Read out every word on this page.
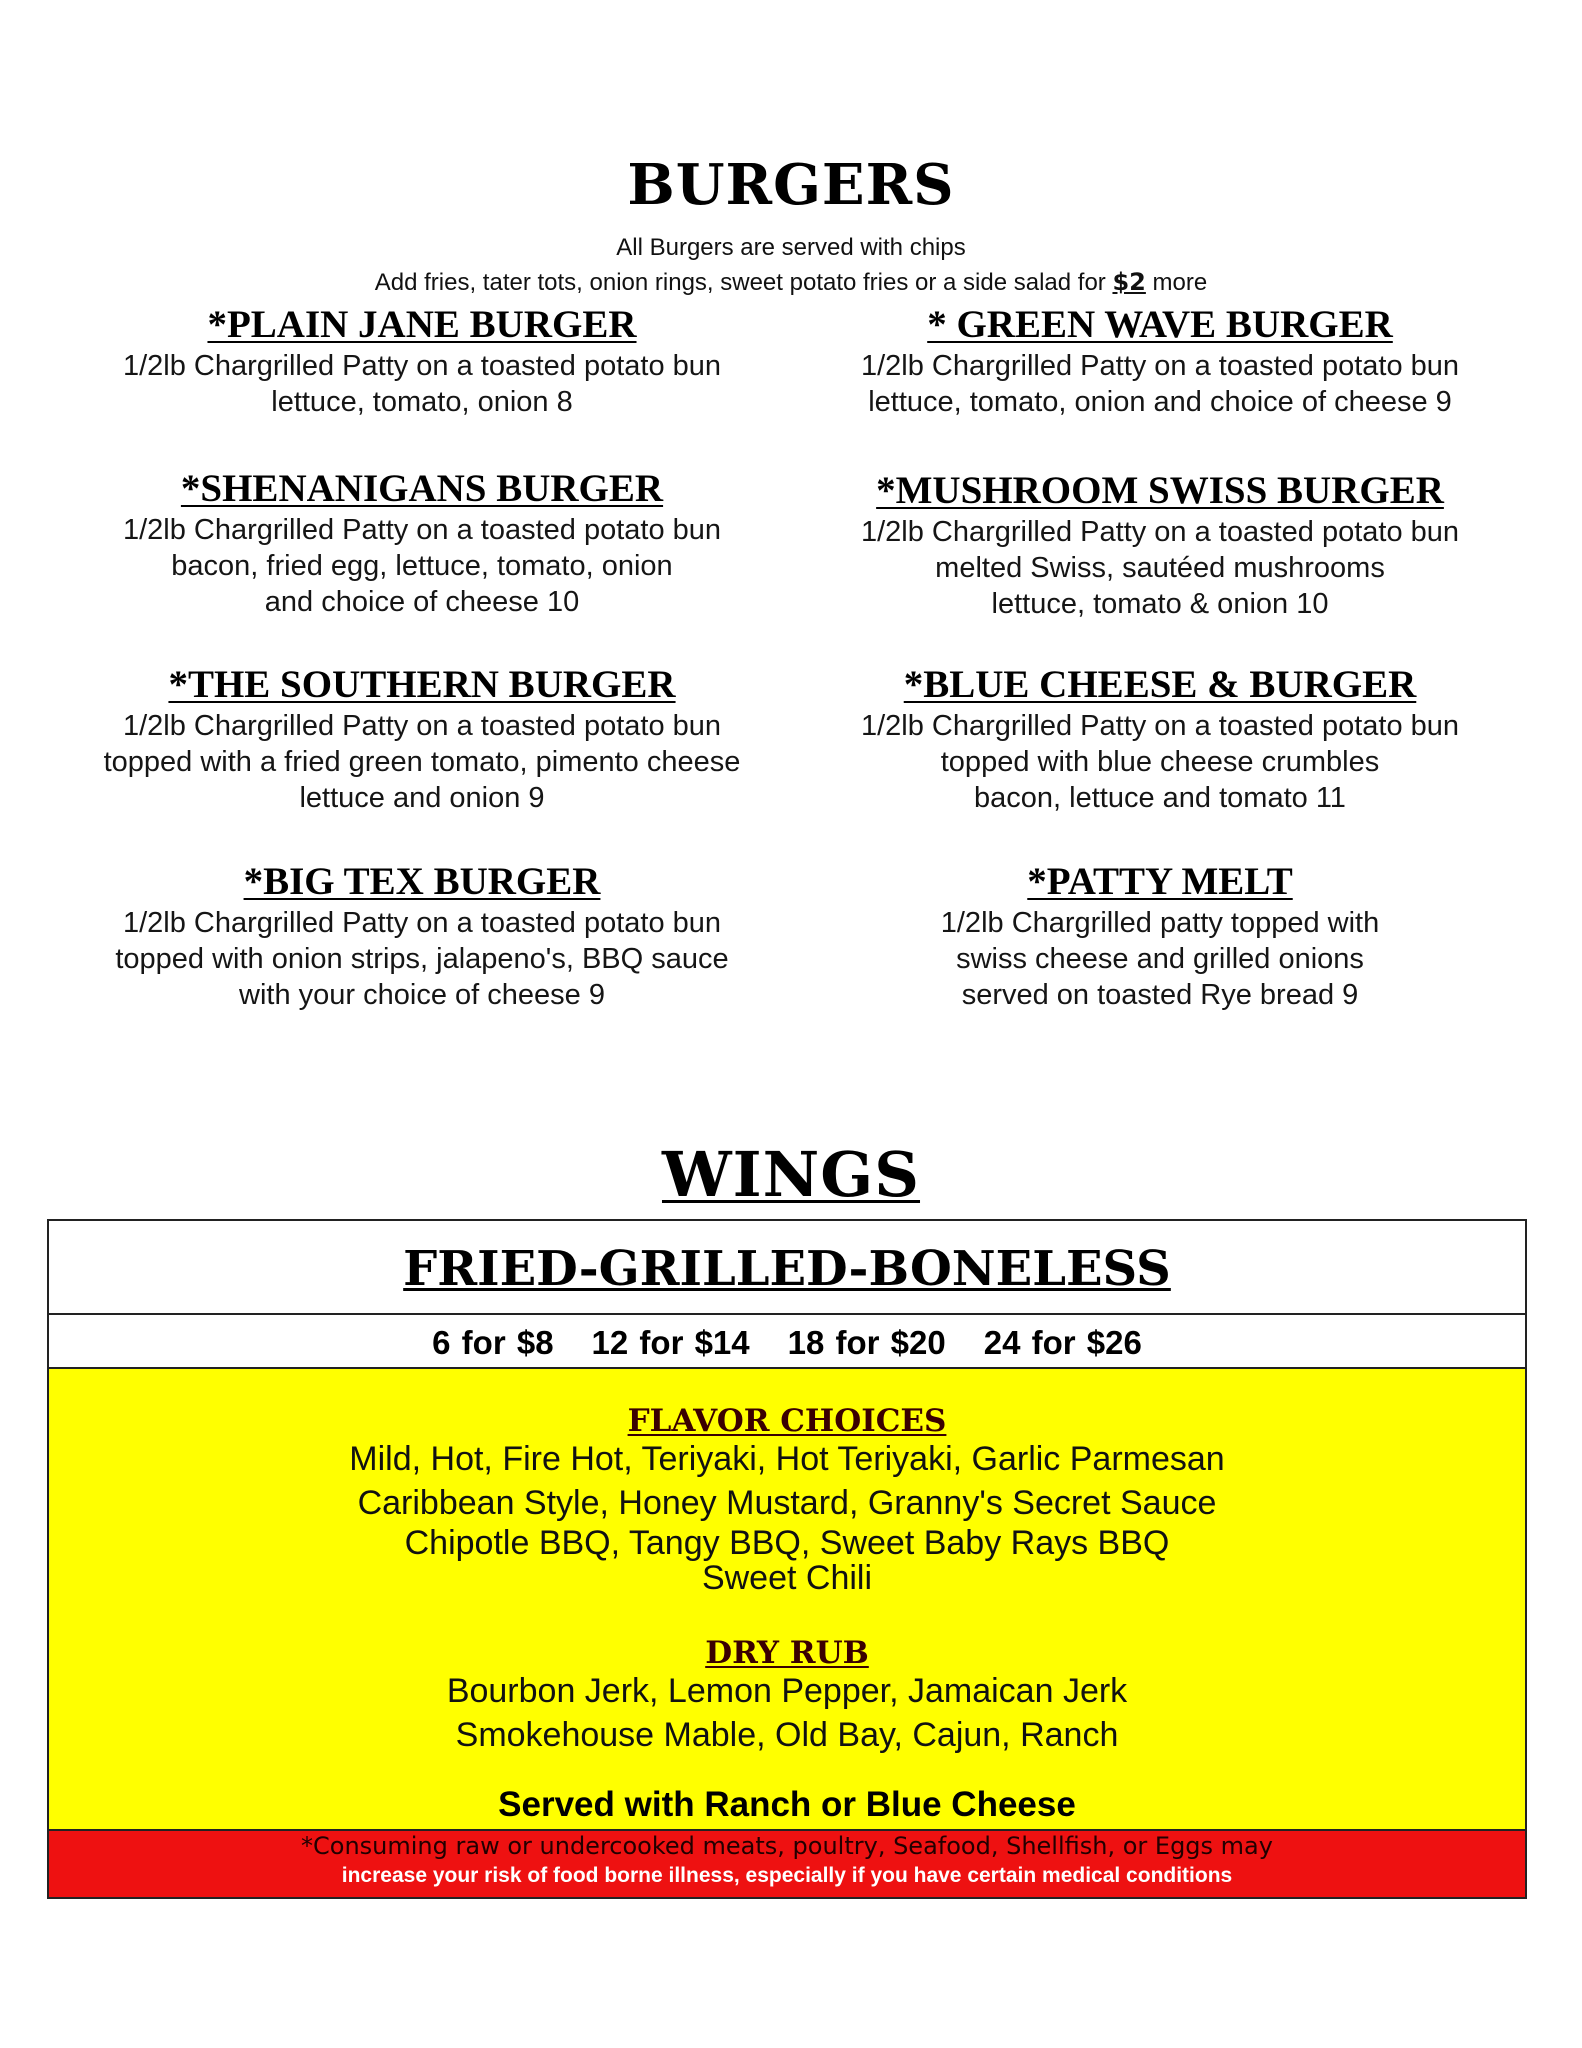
BURGERS
All Burgers are served with chips
Add fries, tater tots, onion rings, sweet potato fries or a side salad for $2 more
*PLAIN JANE BURGER
1/2lb Chargrilled Patty on a toasted potato bun
lettuce, tomato, onion 8
* GREEN WAVE BURGER
1/2lb Chargrilled Patty on a toasted potato bun
lettuce, tomato, onion and choice of cheese 9
*SHENANIGANS BURGER
1/2lb Chargrilled Patty on a toasted potato bun
bacon, fried egg, lettuce, tomato, onion
and choice of cheese 10
*MUSHROOM SWISS BURGER
1/2lb Chargrilled Patty on a toasted potato bun
melted Swiss, sautéed mushrooms
lettuce, tomato & onion 10
*THE SOUTHERN BURGER
1/2lb Chargrilled Patty on a toasted potato bun
topped with a fried green tomato, pimento cheese
lettuce and onion 9
*BLUE CHEESE & BURGER
1/2lb Chargrilled Patty on a toasted potato bun
topped with blue cheese crumbles
bacon, lettuce and tomato 11
*BIG TEX BURGER
1/2lb Chargrilled Patty on a toasted potato bun
topped with onion strips, jalapeno's, BBQ sauce
with your choice of cheese 9
*PATTY MELT
1/2lb Chargrilled patty topped with
swiss cheese and grilled onions
served on toasted Rye bread 9
WINGS
FRIED-GRILLED-BONELESS
6 for $8 12 for $14 18 for $20 24 for $26
FLAVOR CHOICES
Mild, Hot, Fire Hot, Teriyaki, Hot Teriyaki, Garlic Parmesan
Caribbean Style, Honey Mustard, Granny's Secret Sauce
Chipotle BBQ, Tangy BBQ, Sweet Baby Rays BBQ
Sweet Chili
DRY RUB
Bourbon Jerk, Lemon Pepper, Jamaican Jerk
Smokehouse Mable, Old Bay, Cajun, Ranch
Served with Ranch or Blue Cheese
*Consuming raw or undercooked meats, poultry, Seafood, Shellfish, or Eggs may
increase your risk of food borne illness, especially if you have certain medical conditions
